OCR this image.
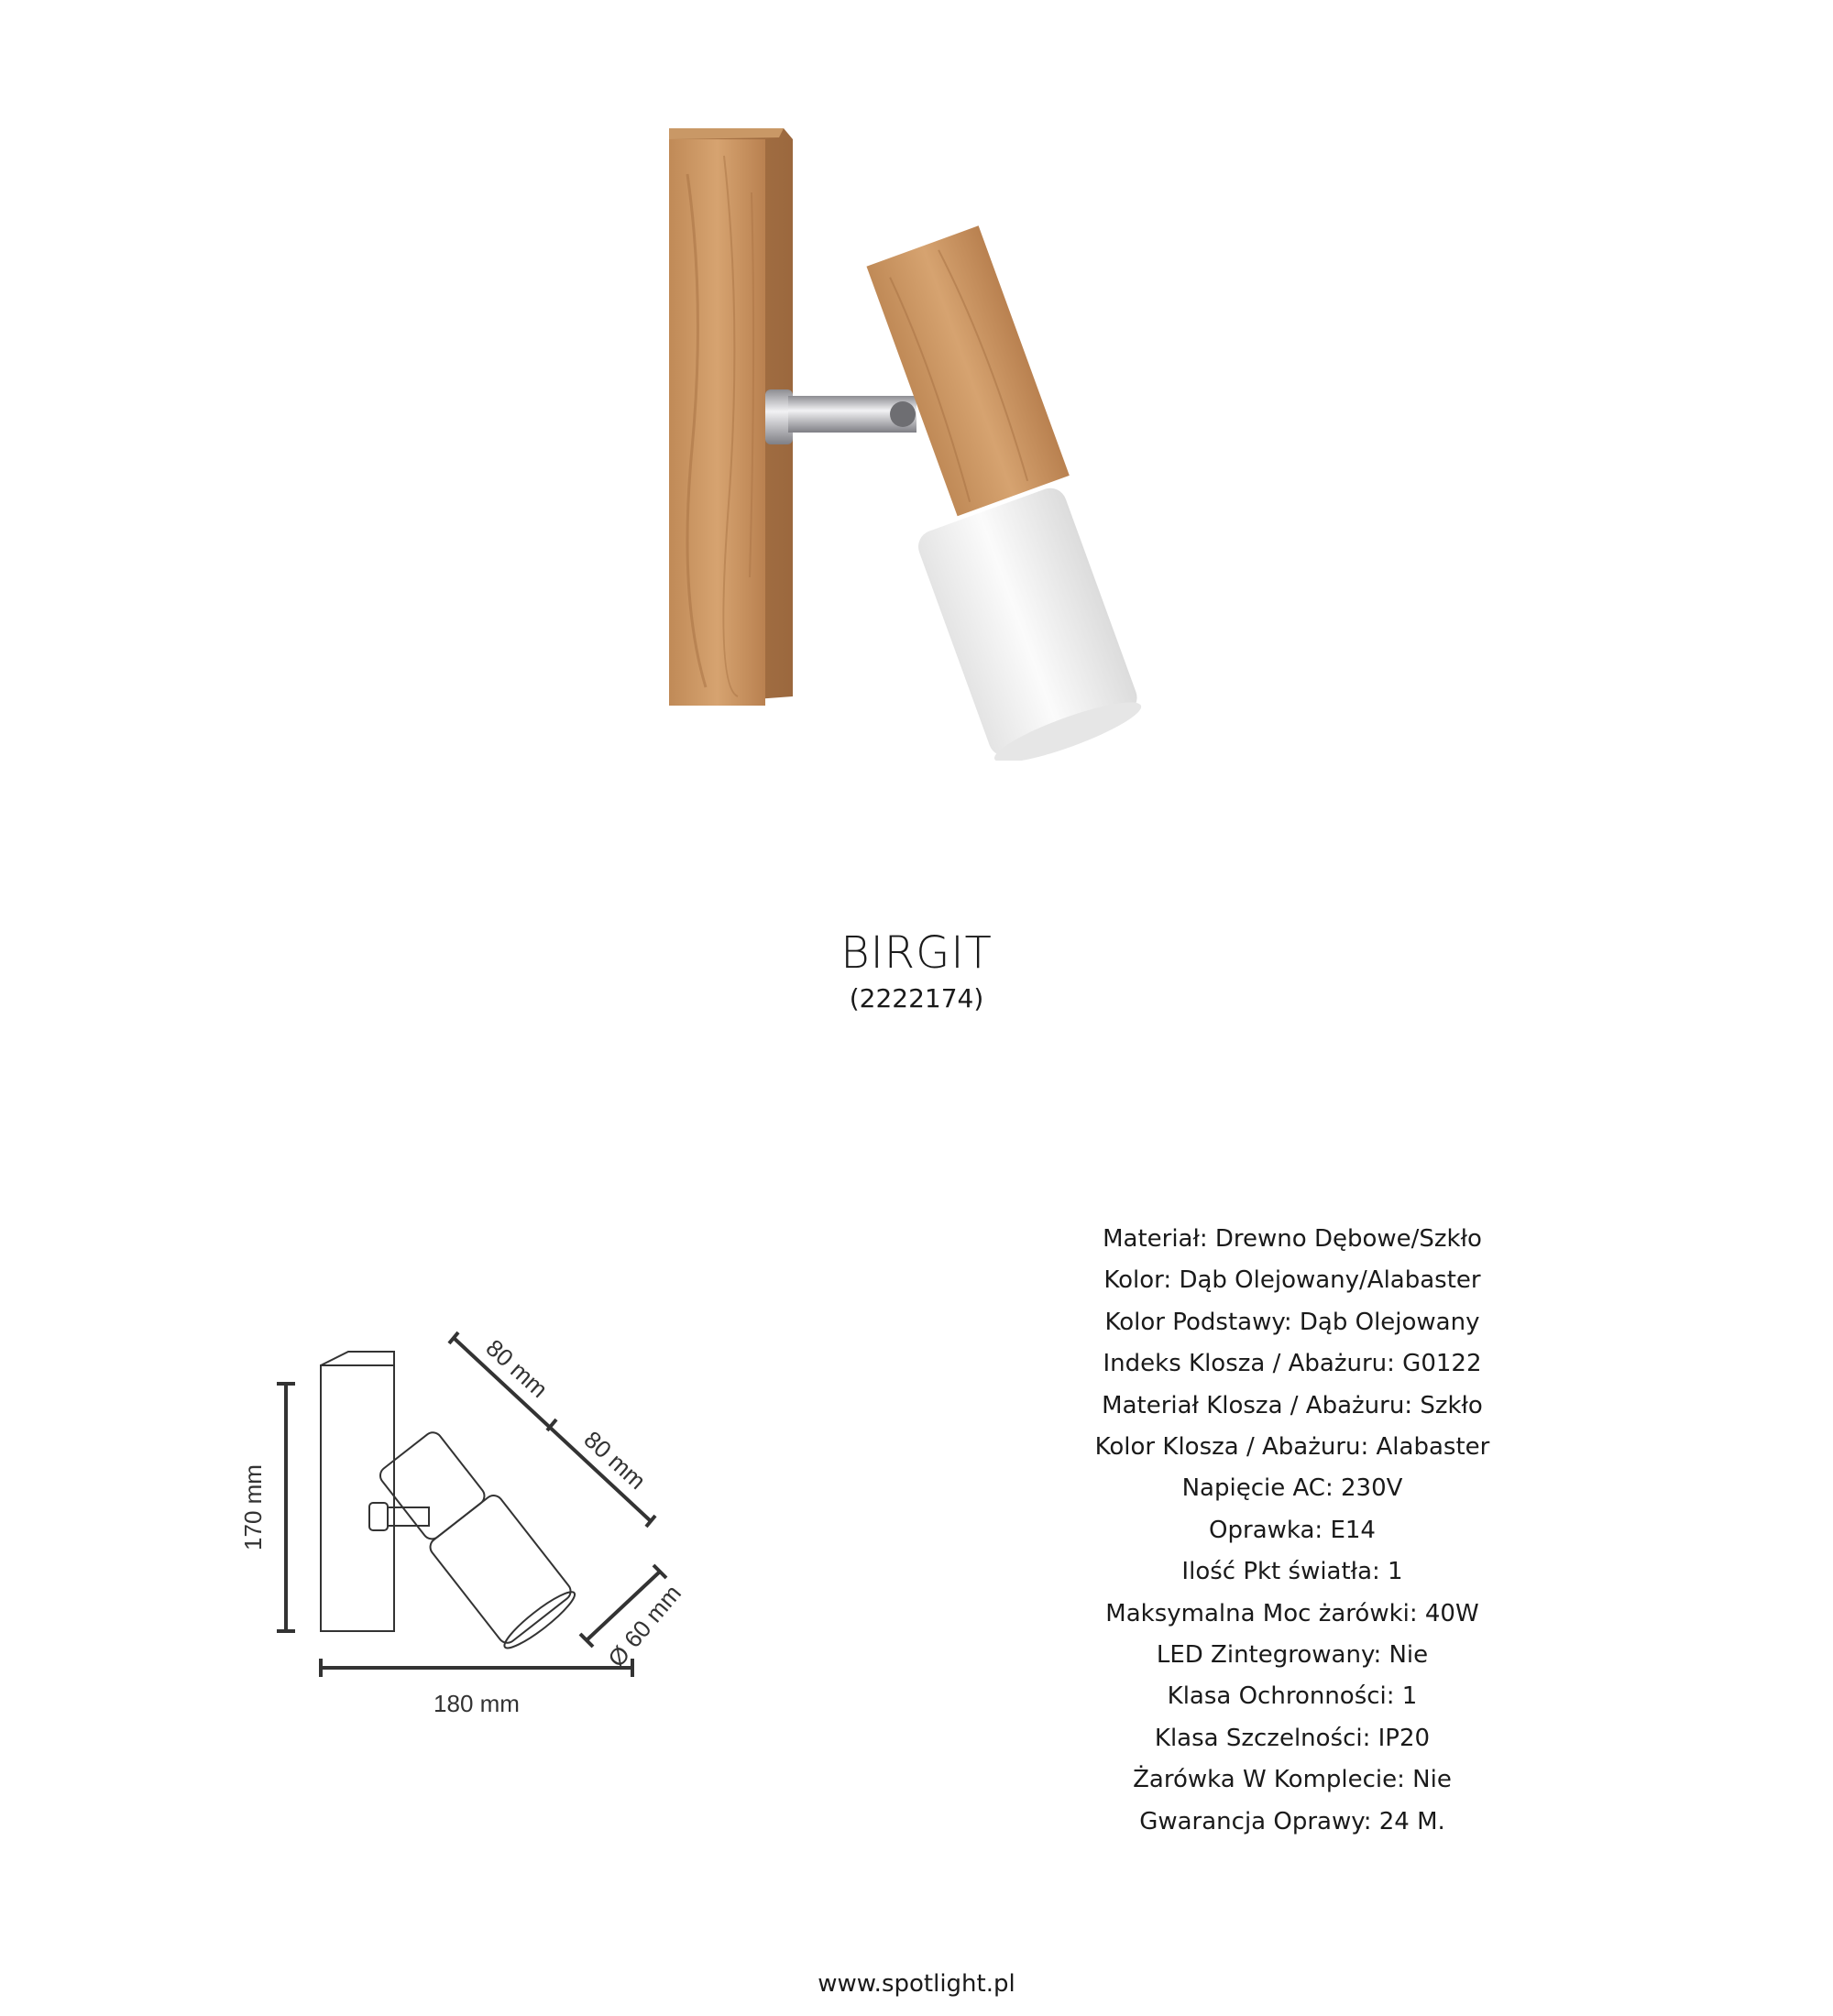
BIRGIT

(2222174)

170 mm
180 mm
80 mm
80 mm
Ø 60 mm
Materiał: Drewno Dębowe/Szkło
Kolor: Dąb Olejowany/Alabaster
Kolor Podstawy: Dąb Olejowany
Indeks Klosza / Abażuru: G0122
Materiał Klosza / Abażuru: Szkło
Kolor Klosza / Abażuru: Alabaster
Napięcie AC: 230V
Oprawka: E14
Ilość Pkt światła: 1
Maksymalna Moc żarówki: 40W
LED Zintegrowany: Nie
Klasa Ochronności: 1
Klasa Szczelności: IP20
Żarówka W Komplecie: Nie
Gwarancja Oprawy: 24 M.
www.spotlight.pl
